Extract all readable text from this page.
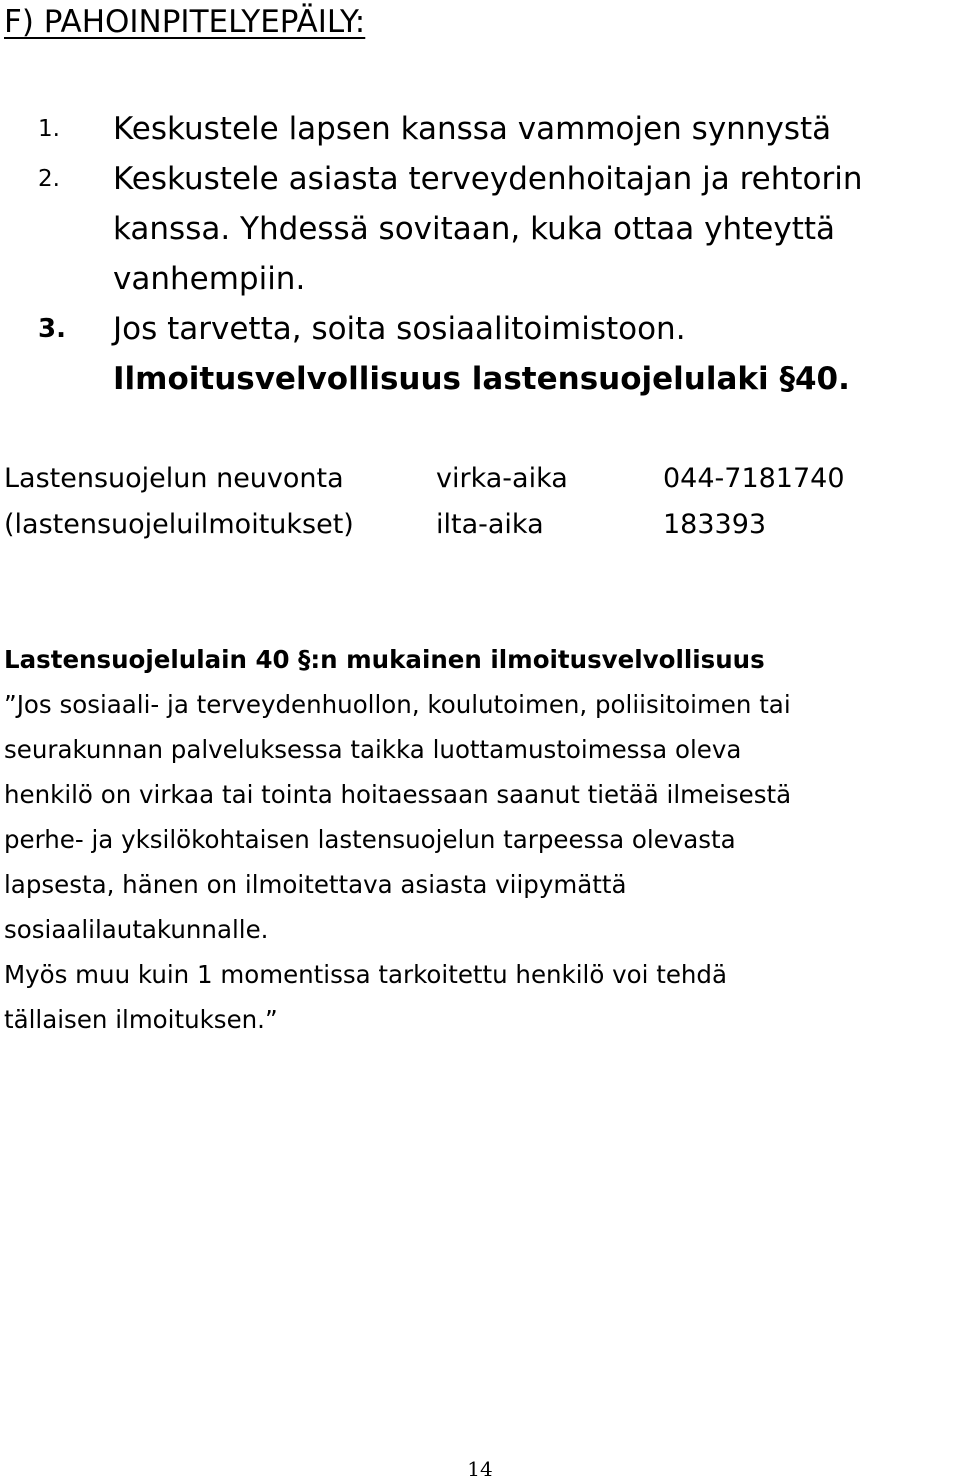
F) PAHOINPITELYEPÄILY:
1. Keskustele lapsen kanssa vammojen synnystä
2. Keskustele asiasta terveydenhoitajan ja rehtorin
kanssa. Yhdessä sovitaan, kuka ottaa yhteyttä
vanhempiin.
3. Jos tarvetta, soita sosiaalitoimistoon.
Ilmoitusvelvollisuus lastensuojelulaki §40.
Lastensuojelun neuvonta	virka-aika	044-7181740
(lastensuojeluilmoitukset)	ilta-aika	183393
Lastensuojelulain 40 §:n mukainen ilmoitusvelvollisuus
”Jos sosiaali- ja terveydenhuollon, koulutoimen, poliisitoimen tai
seurakunnan palveluksessa taikka luottamustoimessa oleva
henkilö on virkaa tai tointa hoitaessaan saanut tietää ilmeisestä
perhe- ja yksilökohtaisen lastensuojelun tarpeessa olevasta
lapsesta, hänen on ilmoitettava asiasta viipymättä
sosiaalilautakunnalle.
Myös muu kuin 1 momentissa tarkoitettu henkilö voi tehdä
tällaisen ilmoituksen.”
14
